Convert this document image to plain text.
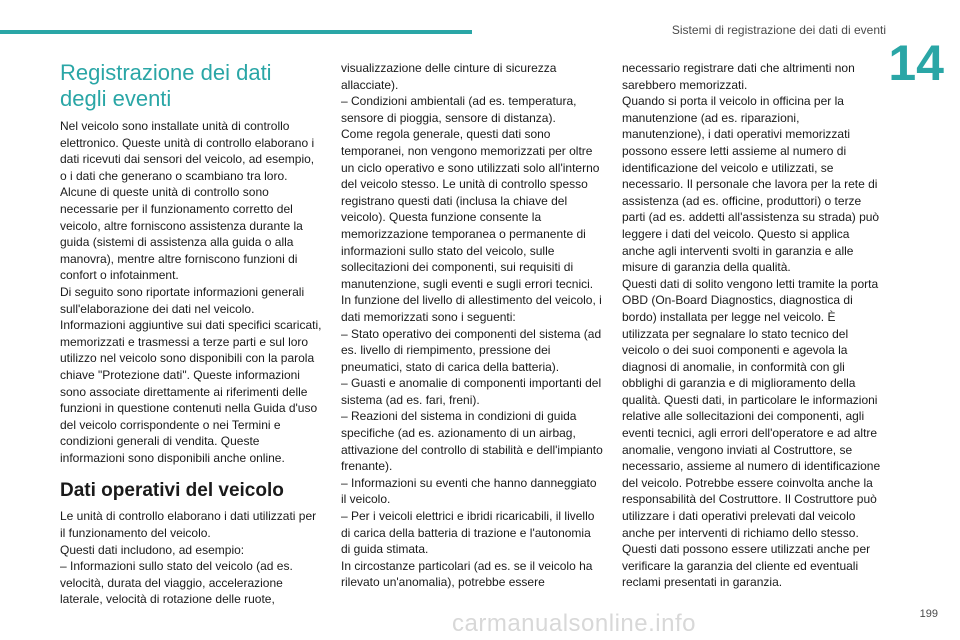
Sistemi di registrazione dei dati di eventi
14
Registrazione dei dati degli eventi

Nel veicolo sono installate unità di controllo elettronico. Queste unità di controllo elaborano i dati ricevuti dai sensori del veicolo, ad esempio, o i dati che generano o scambiano tra loro. Alcune di queste unità di controllo sono necessarie per il funzionamento corretto del veicolo, altre forniscono assistenza durante la guida (sistemi di assistenza alla guida o alla manovra), mentre altre forniscono funzioni di confort o infotainment.

Di seguito sono riportate informazioni generali sull'elaborazione dei dati nel veicolo.

Informazioni aggiuntive sui dati specifici scaricati, memorizzati e trasmessi a terze parti e sul loro utilizzo nel veicolo sono disponibili con la parola chiave "Protezione dati". Queste informazioni sono associate direttamente ai riferimenti delle funzioni in questione contenuti nella Guida d'uso del veicolo corrispondente o nei Termini e condizioni generali di vendita. Queste informazioni sono disponibili anche online.

Dati operativi del veicolo

Le unità di controllo elaborano i dati utilizzati per il funzionamento del veicolo.

Questi dati includono, ad esempio:

– Informazioni sullo stato del veicolo (ad es. velocità, durata del viaggio, accelerazione laterale, velocità di rotazione delle ruote,

visualizzazione delle cinture di sicurezza allacciate).

– Condizioni ambientali (ad es. temperatura, sensore di pioggia, sensore di distanza).

Come regola generale, questi dati sono temporanei, non vengono memorizzati per oltre un ciclo operativo e sono utilizzati solo all'interno del veicolo stesso. Le unità di controllo spesso registrano questi dati (inclusa la chiave del veicolo). Questa funzione consente la memorizzazione temporanea o permanente di informazioni sullo stato del veicolo, sulle sollecitazioni dei componenti, sui requisiti di manutenzione, sugli eventi e sugli errori tecnici.

In funzione del livello di allestimento del veicolo, i dati memorizzati sono i seguenti:

– Stato operativo dei componenti del sistema (ad es. livello di riempimento, pressione dei pneumatici, stato di carica della batteria).

– Guasti e anomalie di componenti importanti del sistema (ad es. fari, freni).

– Reazioni del sistema in condizioni di guida specifiche (ad es. azionamento di un airbag, attivazione del controllo di stabilità e dell'impianto frenante).

– Informazioni su eventi che hanno danneggiato il veicolo.

– Per i veicoli elettrici e ibridi ricaricabili, il livello di carica della batteria di trazione e l'autonomia di guida stimata.

In circostanze particolari (ad es. se il veicolo ha rilevato un'anomalia), potrebbe essere

necessario registrare dati che altrimenti non sarebbero memorizzati.

Quando si porta il veicolo in officina per la manutenzione (ad es. riparazioni, manutenzione), i dati operativi memorizzati possono essere letti assieme al numero di identificazione del veicolo e utilizzati, se necessario. Il personale che lavora per la rete di assistenza (ad es. officine, produttori) o terze parti (ad es. addetti all'assistenza su strada) può leggere i dati del veicolo. Questo si applica anche agli interventi svolti in garanzia e alle misure di garanzia della qualità.

Questi dati di solito vengono letti tramite la porta OBD (On-Board Diagnostics, diagnostica di bordo) installata per legge nel veicolo. È utilizzata per segnalare lo stato tecnico del veicolo o dei suoi componenti e agevola la diagnosi di anomalie, in conformità con gli obblighi di garanzia e di miglioramento della qualità. Questi dati, in particolare le informazioni relative alle sollecitazioni dei componenti, agli eventi tecnici, agli errori dell'operatore e ad altre anomalie, vengono inviati al Costruttore, se necessario, assieme al numero di identificazione del veicolo. Potrebbe essere coinvolta anche la responsabilità del Costruttore. Il Costruttore può utilizzare i dati operativi prelevati dal veicolo anche per interventi di richiamo dello stesso.

Questi dati possono essere utilizzati anche per verificare la garanzia del cliente ed eventuali reclami presentati in garanzia.

carmanualsonline.info	199
